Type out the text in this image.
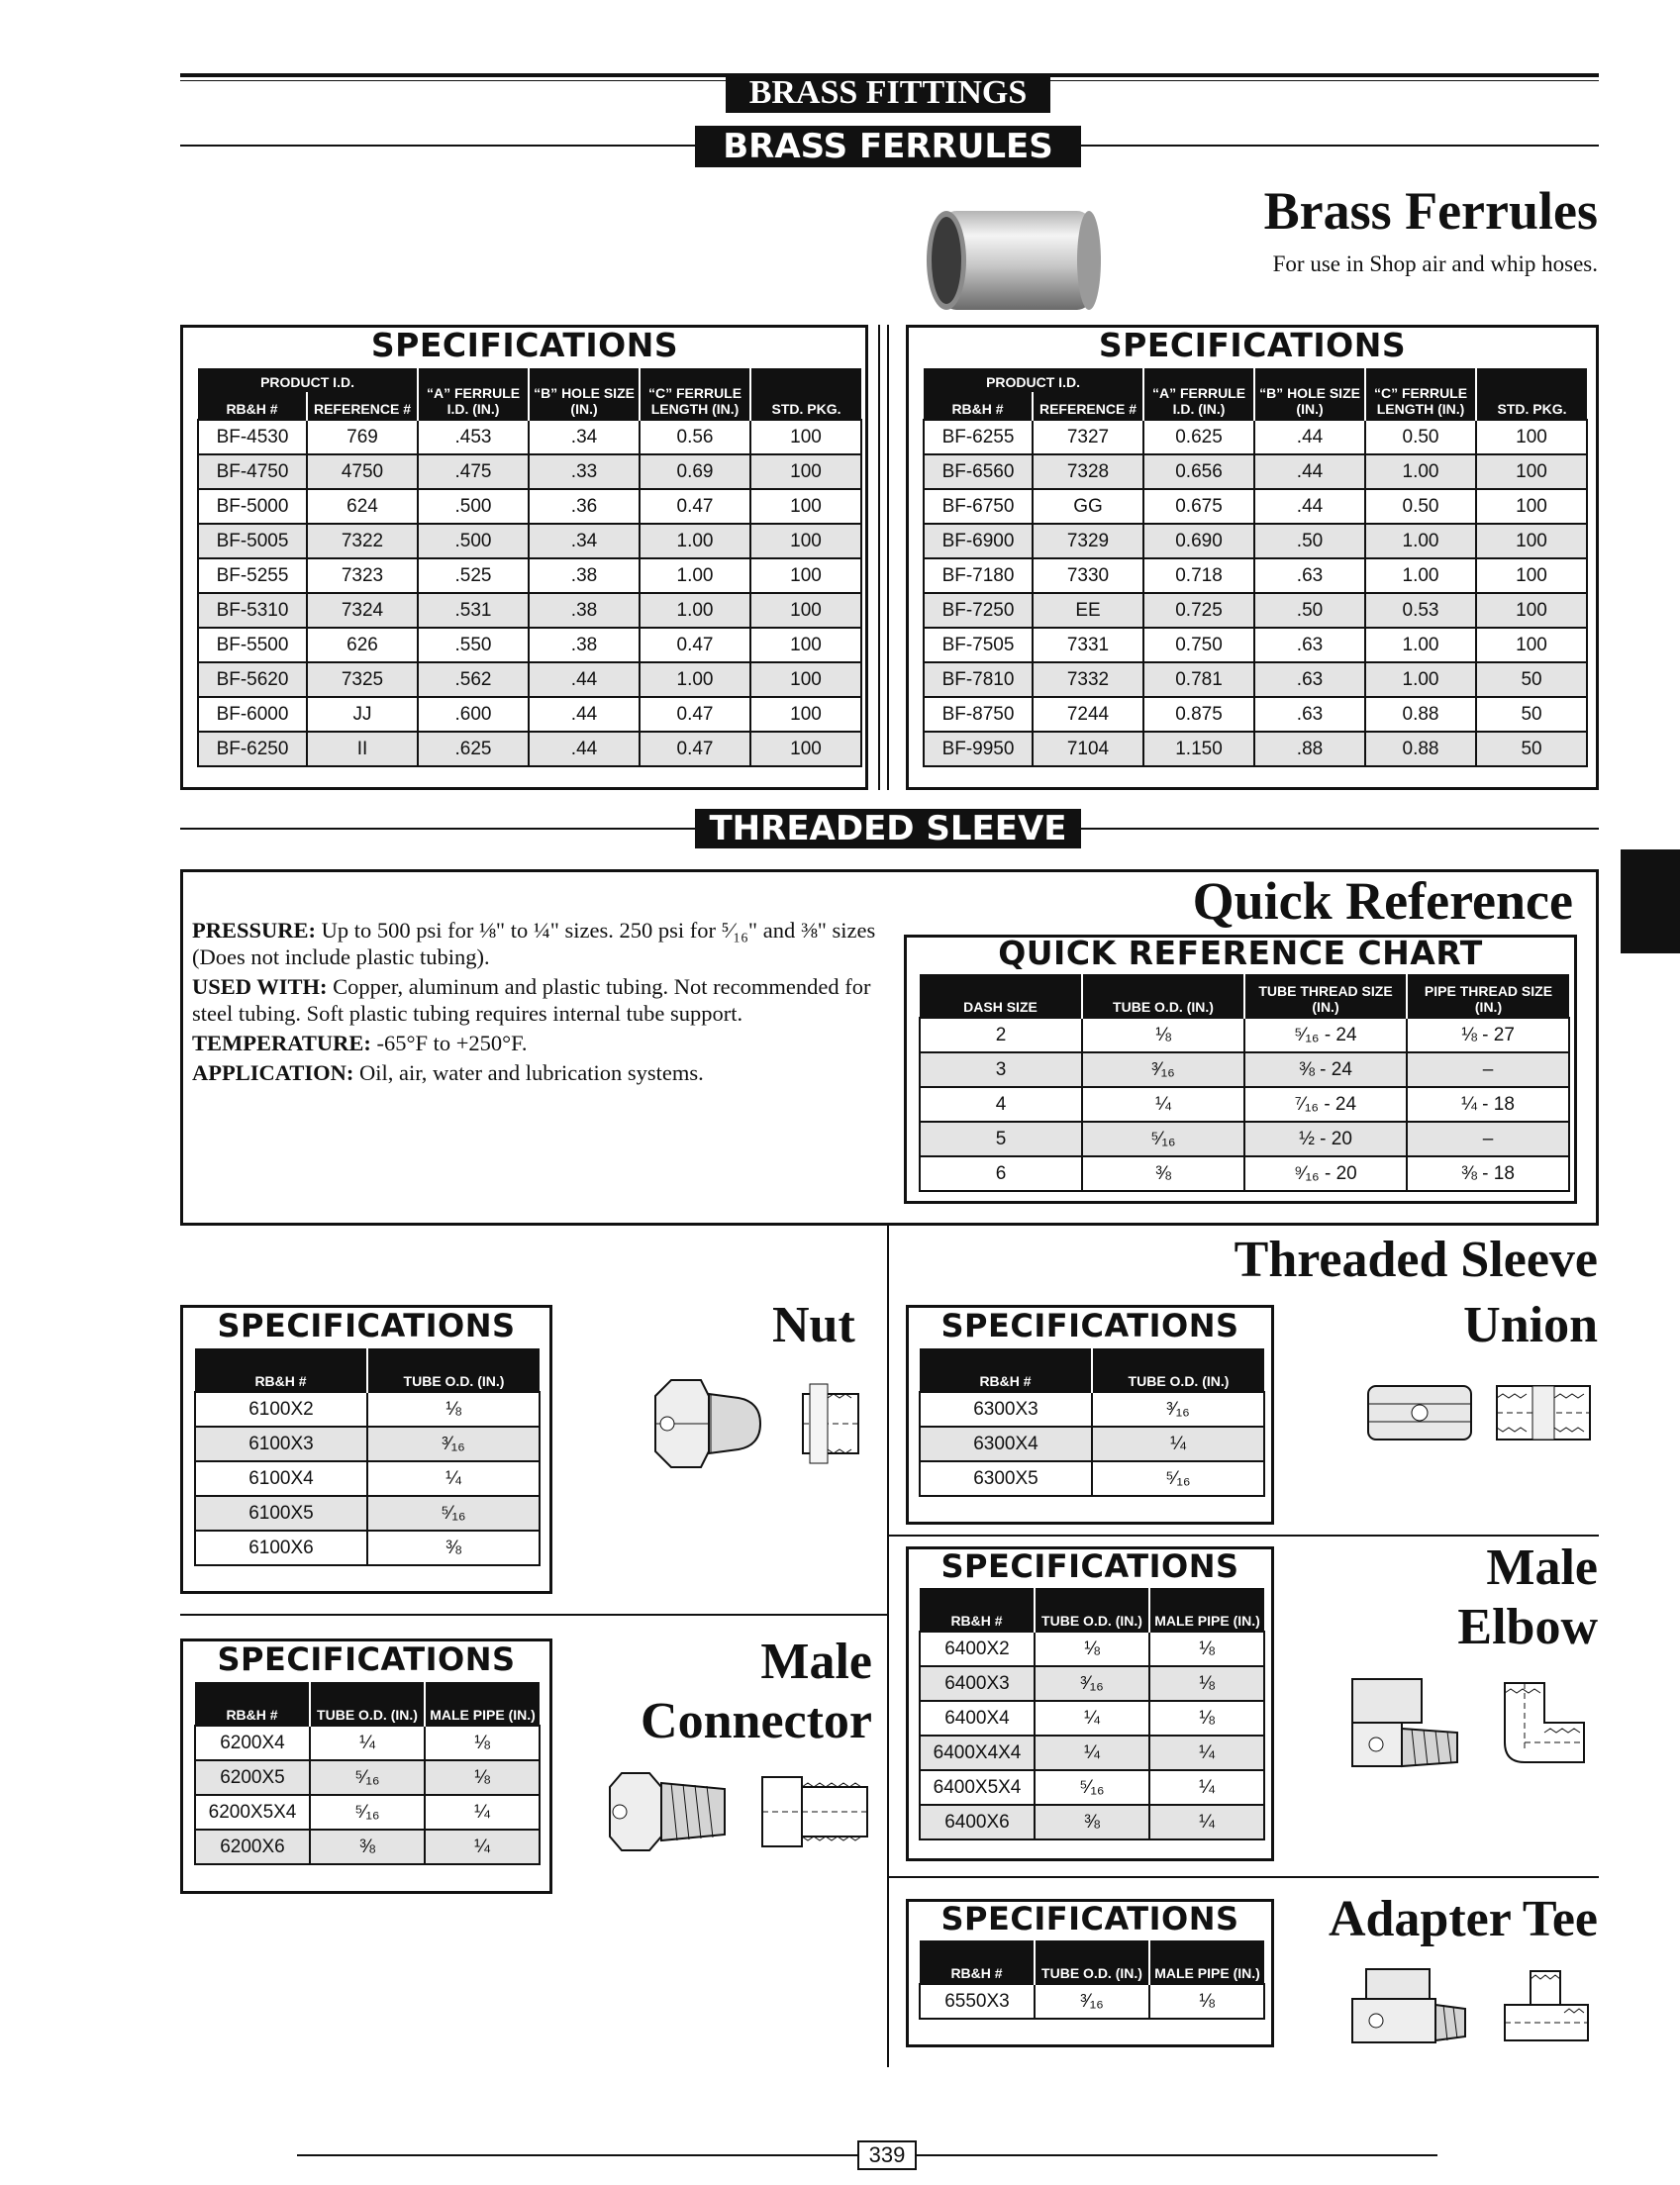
BRASS FITTINGS
BRASS FERRULES
Brass Ferrules
For use in Shop air and whip hoses.
SPECIFICATIONS
PRODUCT I.D.		“A” FERRULE I.D. (IN.)	“B” HOLE SIZE (IN.)	“C” FERRULE LENGTH (IN.)	STD. PKG.
RB&H #	REFERENCE #				
BF-4530	769	.453	.34	0.56	100
BF-4750	4750	.475	.33	0.69	100
BF-5000	624	.500	.36	0.47	100
BF-5005	7322	.500	.34	1.00	100
BF-5255	7323	.525	.38	1.00	100
BF-5310	7324	.531	.38	1.00	100
BF-5500	626	.550	.38	0.47	100
BF-5620	7325	.562	.44	1.00	100
BF-6000	JJ	.600	.44	0.47	100
BF-6250	II	.625	.44	0.47	100
SPECIFICATIONS
PRODUCT I.D.		“A” FERRULE I.D. (IN.)	“B” HOLE SIZE (IN.)	“C” FERRULE LENGTH (IN.)	STD. PKG.
RB&H #	REFERENCE #				
BF-6255	7327	0.625	.44	0.50	100
BF-6560	7328	0.656	.44	1.00	100
BF-6750	GG	0.675	.44	0.50	100
BF-6900	7329	0.690	.50	1.00	100
BF-7180	7330	0.718	.63	1.00	100
BF-7250	EE	0.725	.50	0.53	100
BF-7505	7331	0.750	.63	1.00	100
BF-7810	7332	0.781	.63	1.00	50
BF-8750	7244	0.875	.63	0.88	50
BF-9950	7104	1.150	.88	0.88	50
THREADED SLEEVE
Quick Reference

PRESSURE: Up to 500 psi for ⅛" to ¼" sizes. 250 psi for ⁵⁄₁₆" and ⅜" sizes (Does not include plastic tubing).

USED WITH: Copper, aluminum and plastic tubing. Not recommended for steel tubing. Soft plastic tubing requires internal tube support.

TEMPERATURE: -65°F to +250°F.

APPLICATION: Oil, air, water and lubrication systems.

QUICK REFERENCE CHART
DASH SIZE	TUBE O.D. (IN.)	TUBE THREAD SIZE (IN.)	PIPE THREAD SIZE (IN.)
2	⅛	⁵⁄₁₆ - 24	⅛ - 27
3	³⁄₁₆	⅜ - 24	–
4	¼	⁷⁄₁₆ - 24	¼ - 18
5	⁵⁄₁₆	½ - 20	–
6	⅜	⁹⁄₁₆ - 20	⅜ - 18
Threaded Sleeve
SPECIFICATIONS
RB&H #	TUBE O.D. (IN.)
6100X2	⅛
6100X3	³⁄₁₆
6100X4	¼
6100X5	⁵⁄₁₆
6100X6	⅜
Nut
SPECIFICATIONS
RB&H #	TUBE O.D. (IN.)	MALE PIPE (IN.)
6200X4	¼	⅛
6200X5	⁵⁄₁₆	⅛
6200X5X4	⁵⁄₁₆	¼
6200X6	⅜	¼
Male
Connector
SPECIFICATIONS
RB&H #	TUBE O.D. (IN.)
6300X3	³⁄₁₆
6300X4	¼
6300X5	⁵⁄₁₆
Union
SPECIFICATIONS
RB&H #	TUBE O.D. (IN.)	MALE PIPE (IN.)
6400X2	⅛	⅛
6400X3	³⁄₁₆	⅛
6400X4	¼	⅛
6400X4X4	¼	¼
6400X5X4	⁵⁄₁₆	¼
6400X6	⅜	¼
Male
Elbow
SPECIFICATIONS
RB&H #	TUBE O.D. (IN.)	MALE PIPE (IN.)
6550X3	³⁄₁₆	⅛
Adapter Tee
339
